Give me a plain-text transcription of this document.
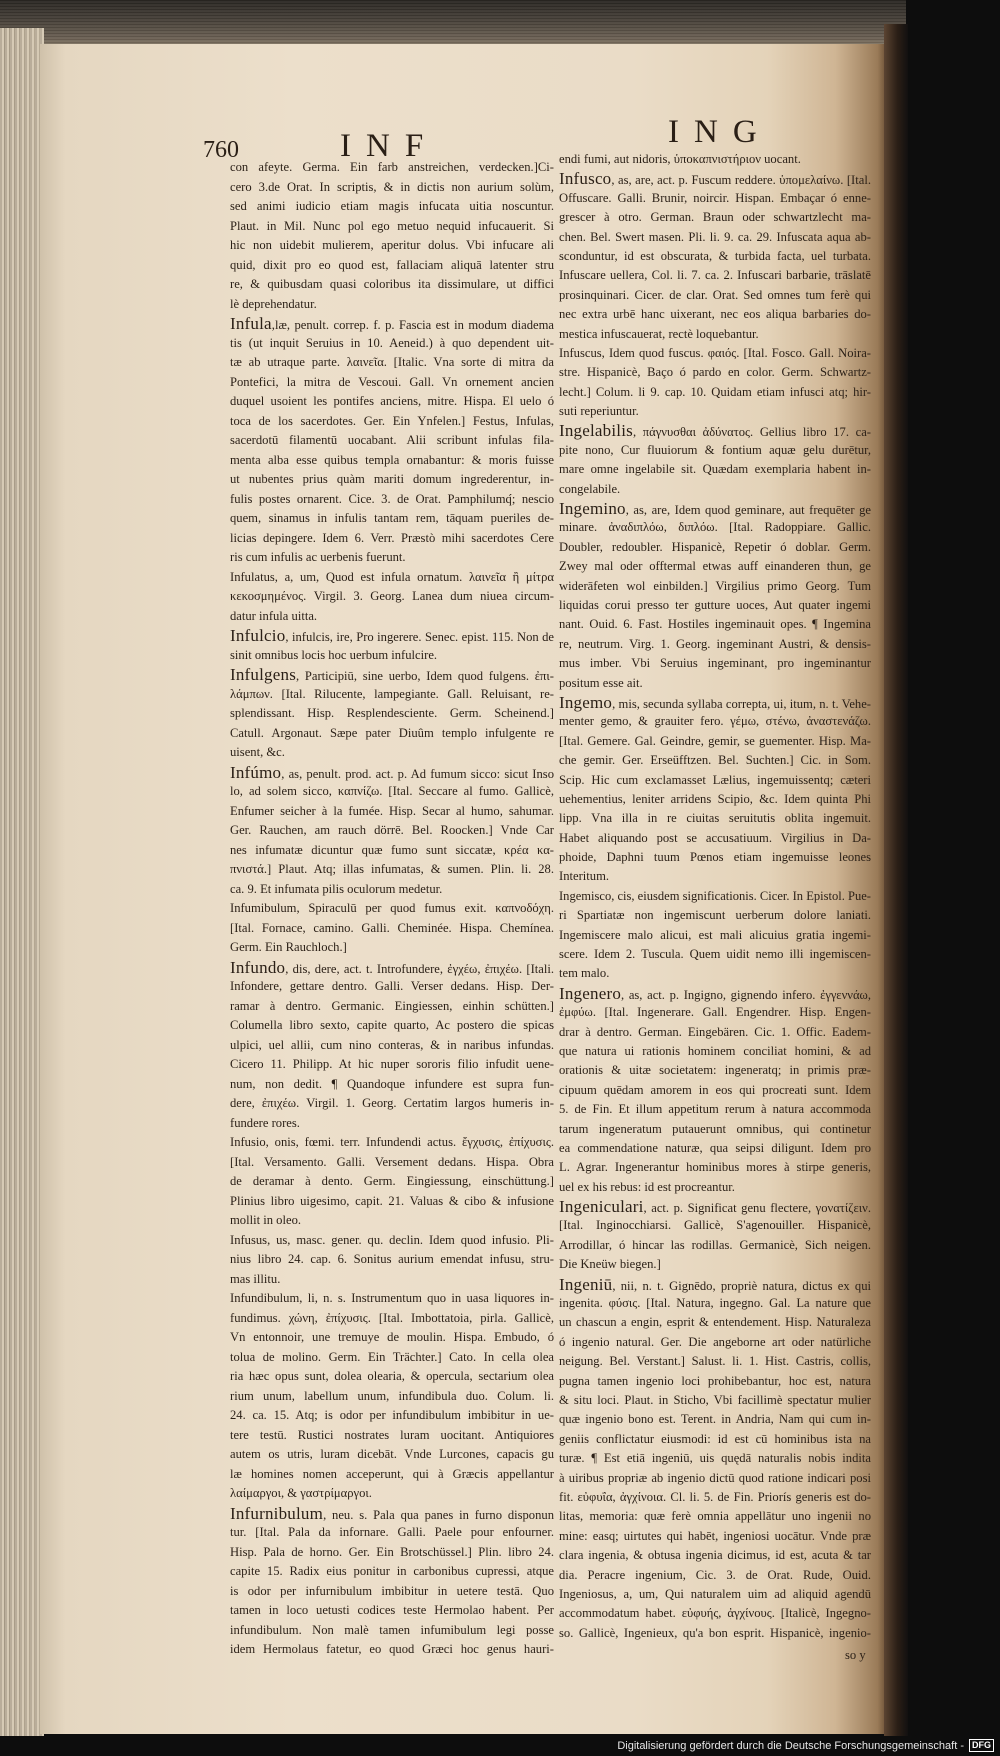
760	INF	ING
con afeyte. Germa. Ein farb anstreichen, verdecken.]Ci-
cero 3.de Orat. In scriptis, & in dictis non aurium solùm,
sed animi iudicio etiam magis infucata uitia noscuntur.
Plaut. in Mil. Nunc pol ego metuo nequid infucauerit. Si
hic non uidebit mulierem, aperitur dolus. Vbi infucare ali
quid, dixit pro eo quod est, fallaciam aliquā latenter stru
re, & quibusdam quasi coloribus ita dissimulare, ut diffici
lè deprehendatur.
Infula,læ, penult. correp. f. p. Fascia est in modum diadema
tis (ut inquit Seruius in 10. Aeneid.) à quo dependent uit-
tæ ab utraque parte. λαινεῖα. [Italic. Vna sorte di mitra da
Pontefici, la mitra de Vescoui. Gall. Vn ornement ancien
duquel usoient les pontifes anciens, mitre. Hispa. El uelo ó
toca de los sacerdotes. Ger. Ein Ynfelen.] Festus, Infulas,
sacerdotū filamentū uocabant. Alii scribunt infulas fila-
menta alba esse quibus templa ornabantur: & moris fuisse
ut nubentes prius quàm mariti domum ingrederentur, in-
fulis postes ornarent. Cice. 3. de Orat. Pamphilumq́; nescio
quem, sinamus in infulis tantam rem, tāquam pueriles de-
licias depingere. Idem 6. Verr. Præstò mihi sacerdotes Cere
ris cum infulis ac uerbenis fuerunt.
Infulatus, a, um, Quod est infula ornatum. λαινεῖα ἢ μίτρα
κεκοσμημένος. Virgil. 3. Georg. Lanea dum niuea circum-
datur infula uitta.
Infulcio, infulcis, ire, Pro ingerere. Senec. epist. 115. Non de
sinit omnibus locis hoc uerbum infulcire.
Infulgens, Participiū, sine uerbo, Idem quod fulgens. ἐπι-
λάμπων. [Ital. Rilucente, lampegiante. Gall. Reluisant, re-
splendissant. Hisp. Resplendesciente. Germ. Scheinend.]
Catull. Argonaut. Sæpe pater Diuûm templo infulgente re
uisent, &c.
Infúmo, as, penult. prod. act. p. Ad fumum sicco: sicut Inso
lo, ad solem sicco, καπνίζω. [Ital. Seccare al fumo. Gallicè,
Enfumer seicher à la fumée. Hisp. Secar al humo, sahumar.
Ger. Rauchen, am rauch dörrē. Bel. Roocken.] Vnde Car
nes infumatæ dicuntur quæ fumo sunt siccatæ, κρέα κα-
πνιστά.] Plaut. Atq; illas infumatas, & sumen. Plin. li. 28.
ca. 9. Et infumata pilis oculorum medetur.
Infumibulum, Spiraculū per quod fumus exit. καπνοδόχη.
[Ital. Fornace, camino. Galli. Cheminée. Hispa. Chemínea.
Germ. Ein Rauchloch.]
Infundo, dis, dere, act. t. Introfundere, ἐγχέω, ἐπιχέω. [Itali.
Infondere, gettare dentro. Galli. Verser dedans. Hisp. Der-
ramar à dentro. Germanic. Eingiessen, einhin schütten.]
Columella libro sexto, capite quarto, Ac postero die spicas
ulpici, uel allii, cum nino conteras, & in naribus infundas.
Cicero 11. Philipp. At hic nuper sororis filio infudit uene-
num, non dedit. ¶ Quandoque infundere est supra fun-
dere, ἐπιχέω. Virgil. 1. Georg. Certatim largos humeris in-
fundere rores.
Infusio, onis, fœmi. terr. Infundendi actus. ἔγχυσις, ἐπίχυσις.
[Ital. Versamento. Galli. Versement dedans. Hispa. Obra
de deramar à dento. Germ. Eingiessung, einschüttung.]
Plinius libro uigesimo, capit. 21. Valuas & cibo & infusione
mollit in oleo.
Infusus, us, masc. gener. qu. declin. Idem quod infusio. Pli-
nius libro 24. cap. 6. Sonitus aurium emendat infusu, stru-
mas illitu.
Infundibulum, li, n. s. Instrumentum quo in uasa liquores in-
fundimus. χώνη, ἐπίχυσις. [Ital. Imbottatoia, pirla. Gallicè,
Vn entonnoir, une tremuye de moulin. Hispa. Embudo, ó
tolua de molino. Germ. Ein Trächter.] Cato. In cella olea
ria hæc opus sunt, dolea olearia, & opercula, sectarium olea
rium unum, labellum unum, infundibula duo. Colum. li.
24. ca. 15. Atq; is odor per infundibulum imbibitur in ue-
tere testū. Rustici nostrates luram uocitant. Antiquiores
autem os utris, luram dicebāt. Vnde Lurcones, capacis gu
læ homines nomen acceperunt, qui à Græcis appellantur
λαίμαργοι, & γαστρίμαργοι.
Infurnibulum, neu. s. Pala qua panes in furno disponun
tur. [Ital. Pala da infornare. Galli. Paele pour enfourner.
Hisp. Pala de horno. Ger. Ein Brotschüssel.] Plin. libro 24.
capite 15. Radix eius ponitur in carbonibus cupressi, atque
is odor per infurnibulum imbibitur in uetere testā. Quo
tamen in loco uetusti codices teste Hermolao habent. Per
infundibulum. Non malè tamen infumibulum legi posse
idem Hermolaus fatetur, eo quod Græci hoc genus hauri-
endi fumi, aut nidoris, ὑποκαπνιστήριον uocant.
Infusco, as, are, act. p. Fuscum reddere. ὑπομελαίνω. [Ital.
Offuscare. Galli. Brunir, noircir. Hispan. Embaçar ó enne-
grescer à otro. German. Braun oder schwartzlecht ma-
chen. Bel. Swert masen. Pli. li. 9. ca. 29. Infuscata aqua ab-
sconduntur, id est obscurata, & turbida facta, uel turbata.
Infuscare uellera, Col. li. 7. ca. 2. Infuscari barbarie, trāslatē
prosinquinari. Cicer. de clar. Orat. Sed omnes tum ferè qui
nec extra urbē hanc uixerant, nec eos aliqua barbaries do-
mestica infuscauerat, rectè loquebantur.
Infuscus, Idem quod fuscus. φαιός. [Ital. Fosco. Gall. Noira-
stre. Hispanicè, Baço ó pardo en color. Germ. Schwartz-
lecht.] Colum. li 9. cap. 10. Quidam etiam infusci atq; hir-
suti reperiuntur.
Ingelabilis, πάγνυσθαι ἀδύνατος. Gellius libro 17. ca-
pite nono, Cur fluuiorum & fontium aquæ gelu durētur,
mare omne ingelabile sit. Quædam exemplaria habent in-
congelabile.
Ingemino, as, are, Idem quod geminare, aut frequēter ge
minare. ἀναδιπλόω, διπλόω. [Ital. Radoppiare. Gallic.
Doubler, redoubler. Hispanicè, Repetir ó doblar. Germ.
Zwey mal oder offtermal etwas auff einanderen thun, ge
widerāfeten wol einbilden.] Virgilius primo Georg. Tum
liquidas corui presso ter gutture uoces, Aut quater ingemi
nant. Ouid. 6. Fast. Hostiles ingeminauit opes. ¶ Ingemina
re, neutrum. Virg. 1. Georg. ingeminant Austri, & densis-
mus imber. Vbi Seruius ingeminant, pro ingeminantur
positum esse ait.
Ingemo, mis, secunda syllaba correpta, ui, itum, n. t. Vehe-
menter gemo, & grauiter fero. γέμω, στένω, ἀναστενάζω.
[Ital. Gemere. Gal. Geindre, gemir, se guementer. Hisp. Ma-
che gemir. Ger. Erseüfftzen. Bel. Suchten.] Cic. in Som.
Scip. Hic cum exclamasset Lælius, ingemuissentq; cæteri
uehementius, leniter arridens Scipio, &c. Idem quinta Phi
lipp. Vna illa in re ciuitas seruitutis oblita ingemuit.
Habet aliquando post se accusatiuum. Virgilius in Da-
phoide, Daphni tuum Pœnos etiam ingemuisse leones
Interitum.
Ingemisco, cis, eiusdem significationis. Cicer. In Epistol. Pue-
ri Spartiatæ non ingemiscunt uerberum dolore laniati.
Ingemiscere malo alicui, est mali alicuius gratia ingemi-
scere. Idem 2. Tuscula. Quem uidit nemo illi ingemiscen-
tem malo.
Ingenero, as, act. p. Ingigno, gignendo infero. ἐγγεννάω,
ἐμφύω. [Ital. Ingenerare. Gall. Engendrer. Hisp. Engen-
drar à dentro. German. Eingebären. Cic. 1. Offic. Eadem-
que natura ui rationis hominem conciliat homini, & ad
orationis & uitæ societatem: ingeneratq; in primis præ-
cipuum quēdam amorem in eos qui procreati sunt. Idem
5. de Fin. Et illum appetitum rerum à natura accommoda
tarum ingeneratum putauerunt omnibus, qui continetur
ea commendatione naturæ, qua seipsi diligunt. Idem pro
L. Agrar. Ingenerantur hominibus mores à stirpe generis,
uel ex his rebus: id est procreantur.
Ingeniculari, act. p. Significat genu flectere, γονατίζειν.
[Ital. Inginocchiarsi. Gallicè, S'agenouiller. Hispanicè,
Arrodillar, ó hincar las rodillas. Germanicè, Sich neigen.
Die Kneüw biegen.]
Ingeniū, nii, n. t. Gignēdo, propriè natura, dictus ex qui
ingenita. φύσις. [Ital. Natura, ingegno. Gal. La nature que
un chascun a engin, esprit & entendement. Hisp. Naturaleza
ó ingenio natural. Ger. Die angeborne art oder natürliche
neigung. Bel. Verstant.] Salust. li. 1. Hist. Castris, collis,
pugna tamen ingenio loci prohibebantur, hoc est, natura
& situ loci. Plaut. in Sticho, Vbi facillimè spectatur mulier
quæ ingenio bono est. Terent. in Andria, Nam qui cum in-
geniis conflictatur eiusmodi: id est cū hominibus ista na
turæ. ¶ Est etiā ingeniū, uis quędā naturalis nobis indita
à uiribus propriæ ab ingenio dictū quod ratione indicari posi
fit. εὐφυΐα, ἀγχίνοια. Cl. li. 5. de Fin. Priorís generis est do-
litas, memoria: quæ ferè omnia appellātur uno ingenii no
mine: easq; uirtutes qui habēt, ingeniosi uocātur. Vnde præ
clara ingenia, & obtusa ingenia dicimus, id est, acuta & tar
dia. Peracre ingenium, Cic. 3. de Orat. Rude, Ouid.
Ingeniosus, a, um, Qui naturalem uim ad aliquid agendū
accommodatum habet. εὐφυής, ἀγχίνους. [Italicè, Ingegno-
so. Gallicè, Ingenieux, qu'a bon esprit. Hispanicè, ingenio-
so y
Digitalisierung gefördert durch die Deutsche Forschungsgemeinschaft - DFG
